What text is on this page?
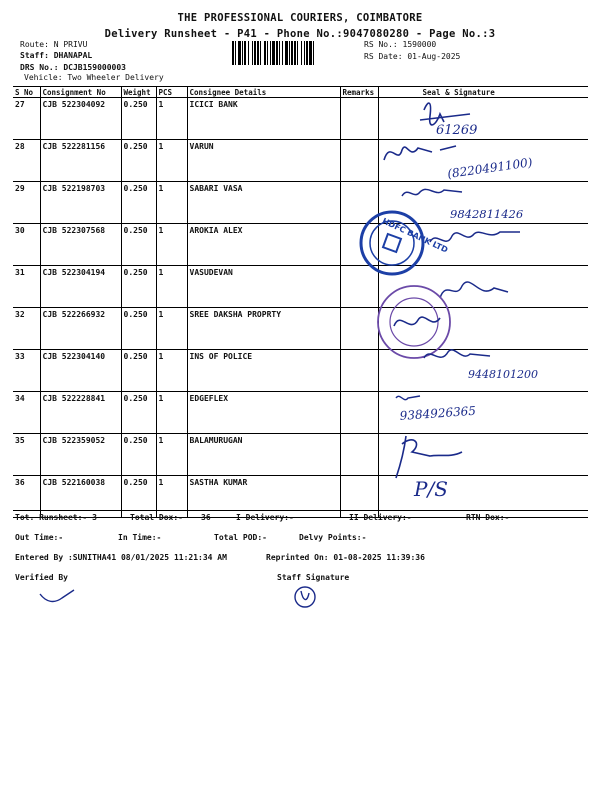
THE PROFESSIONAL COURIERS, COIMBATORE
Delivery Runsheet - P41 - Phone No.:9047080280 - Page No.:3
Route: N PRIVU
Staff: DHANAPAL
DRS No.: DCJB159000003
Vehicle: Two Wheeler Delivery
RS No.: 1590000
RS Date: 01-Aug-2025
S No	Consignment No	Weight	PCS	Consignee Details	Remarks	Seal & Signature
27	CJB 522304092	0.250	1	ICICI BANK		
28	CJB 522281156	0.250	1	VARUN		
29	CJB 522198703	0.250	1	SABARI VASA		
30	CJB 522307568	0.250	1	AROKIA ALEX		
31	CJB 522304194	0.250	1	VASUDEVAN		
32	CJB 522266932	0.250	1	SREE DAKSHA PROPRTY		
33	CJB 522304140	0.250	1	INS OF POLICE		
34	CJB 522228841	0.250	1	EDGEFLEX		
35	CJB 522359052	0.250	1	BALAMURUGAN		
36	CJB 522160038	0.250	1	SASTHA KUMAR		
61269
(8220491100)
9842811426
HDFC BANK LTD
9448101200
9384926365
P/S
Tot. Runsheet:- 3	Total Dox:- 36	I Delivery:-	II Delivery:-	RTN Dox:-
Out Time:-	In Time:-	Total POD:-	Delvy Points:-
Entered By :SUNITHA41 08/01/2025 11:21:34 AM	Reprinted On: 01-08-2025 11:39:36
Verified By	Staff Signature
